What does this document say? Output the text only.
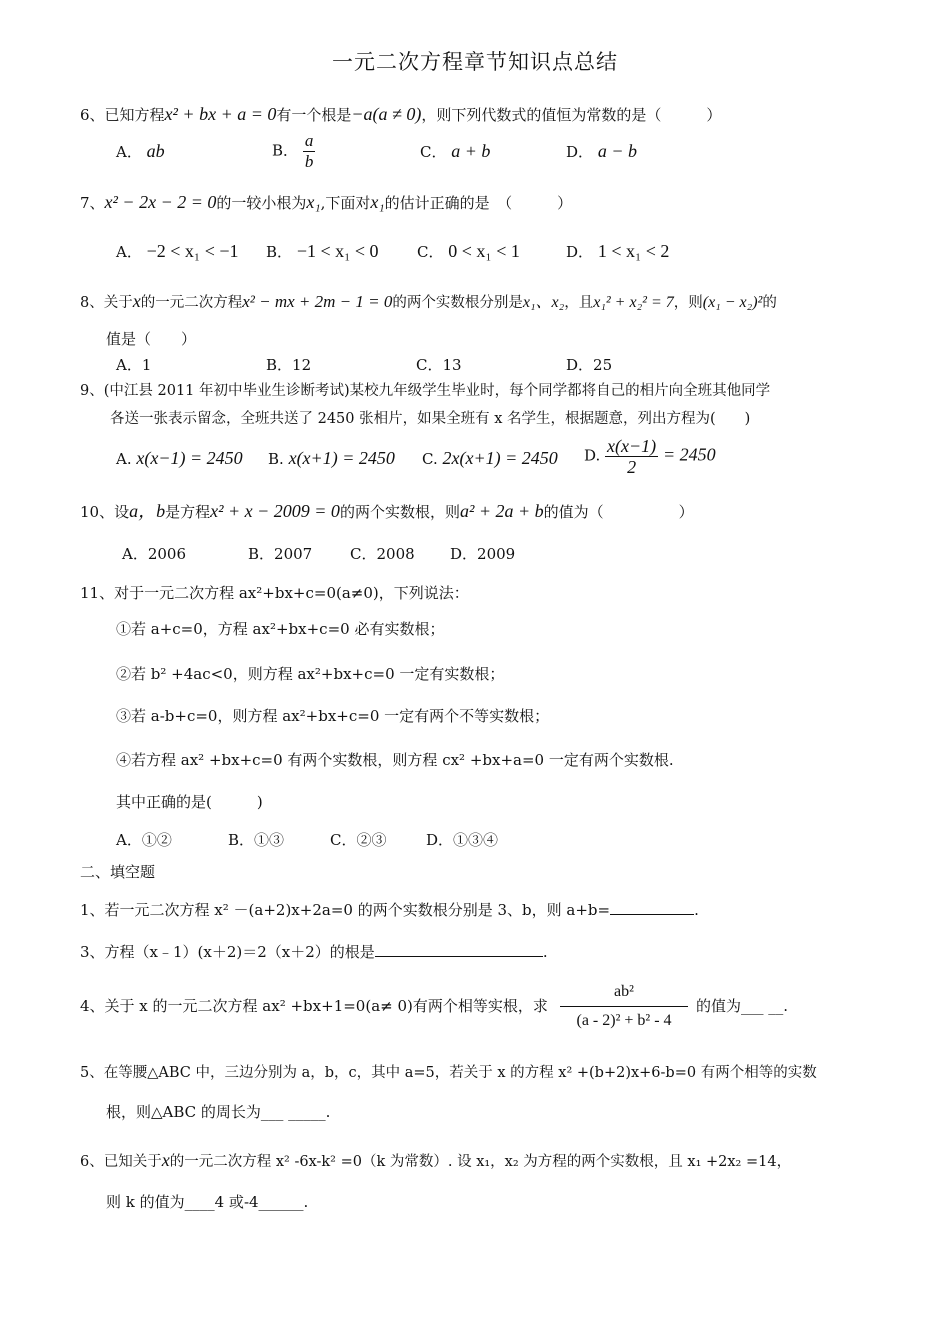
一元二次方程章节知识点总结
6、已知方程x² + bx + a = 0有一个根是−a(a ≠ 0)，则下列代数式的值恒为常数的是（　　　）
A． ab	B． $\frac{a}{b}$	C． a + b	D． a − b
7、x² − 2x − 2 = 0的一较小根为x₁,下面对x₁的估计正确的是　（　　　）
A． −2 < x₁ < −1 B． −1 < x₁ < 0	C． 0 < x₁ < 1	D． 1 < x₁ < 2
8、关于x的一元二次方程x² − mx + 2m − 1 = 0的两个实数根分别是x₁、x₂，且x₁² + x₂² = 7，则(x₁ − x₂)²的
值是（　　）
A．1	B．12	C．13	D．25
9、(中江县 2011 年初中毕业生诊断考试)某校九年级学生毕业时，每个同学都将自己的相片向全班其他同学
各送一张表示留念，全班共送了 2450 张相片，如果全班有 x 名学生，根据题意，列出方程为(　　)
A. x(x−1) = 2450 B. x(x+1) = 2450 C. 2x(x+1) = 2450 D. $\frac{x(x-1)}{2} = 2450$
10、设a，b是方程x² + x − 2009 = 0的两个实数根，则a² + 2a + b的值为（　　　　　）
A．2006	B．2007	C．2008 D．2009
11、对于一元二次方程 ax²+bx+c=0(a≠0)，下列说法：
①若 a+c=0，方程 ax²+bx+c=0 必有实数根；
②若 b² +4ac<0，则方程 ax²+bx+c=0 一定有实数根；
③若 a-b+c=0，则方程 ax²+bx+c=0 一定有两个不等实数根；
④若方程 ax² +bx+c=0 有两个实数根，则方程 cx² +bx+a=0 一定有两个实数根.
其中正确的是(　　　)
A．①②	B．①③	C．②③	D．①③④
二、填空题
1、若一元二次方程 x² －(a+2)x+2a=0 的两个实数根分别是 3、b，则 a+b=	.
3、方程（x﹣1）(x＋2)＝2（x＋2）的根是	.
4、关于 x 的一元二次方程 ax² +bx+1=0(a≠ 0)有两个相等实根，求 $\frac{\text{ab²}}{\text{(a - 2)² + b² - 4}}$ 的值为___ __.
5、在等腰△ABC 中，三边分别为 a，b，c，其中 a=5，若关于 x 的方程 x² +(b+2)x+6-b=0 有两个相等的实数
根，则△ABC 的周长为___ _____.
6、已知关于x的一元二次方程 x² -6x-k² =0（k 为常数）. 设 x₁，x₂ 为方程的两个实数根，且 x₁ +2x₂ =14，
则 k 的值为____4 或-4______.
